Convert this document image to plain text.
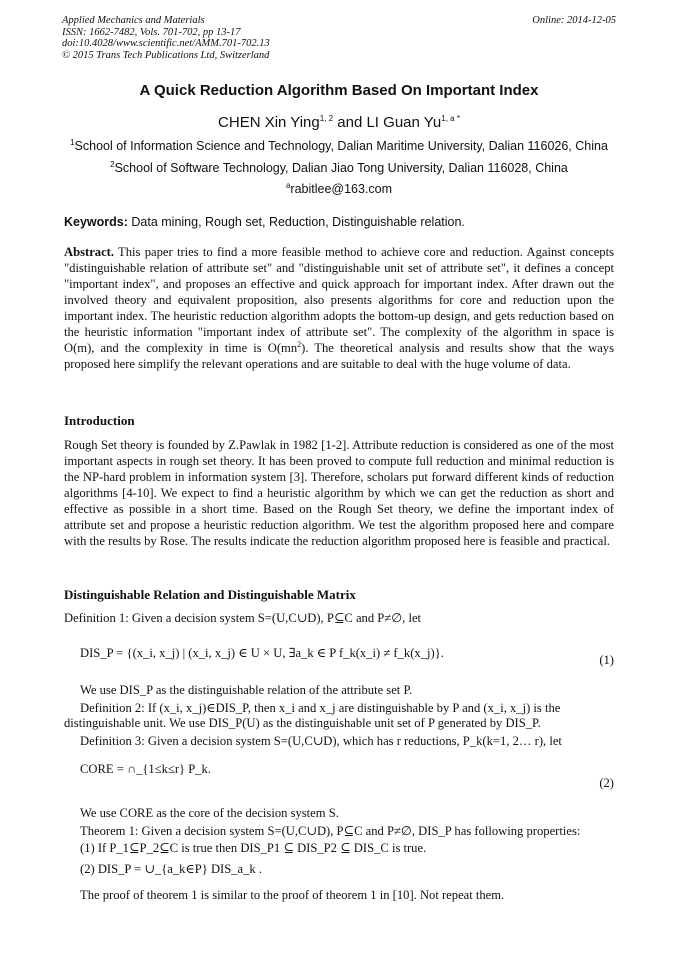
Applied Mechanics and Materials
ISSN: 1662-7482, Vols. 701-702, pp 13-17
doi:10.4028/www.scientific.net/AMM.701-702.13
© 2015 Trans Tech Publications Ltd, Switzerland
Online: 2014-12-05
A Quick Reduction Algorithm Based On Important Index
CHEN Xin Ying$^{1, 2}$ and LI Guan $Yu^{1, a *}$
$^1$School of Information Science and Technology, Dalian Maritime University, Dalian 116026, China
$^2$School of Software Technology, Dalian Jiao Tong University, Dalian 116028, China
$^a$rabitlee@163.com
Keywords: Data mining, Rough set, Reduction, Distinguishable relation.
Abstract. This paper tries to find a more feasible method to achieve core and reduction. Against concepts "distinguishable relation of attribute set" and "distinguishable unit set of attribute set", it defines a concept "important index", and proposes an effective and quick approach for important index. After drawn out the involved theory and equivalent proposition, also presents algorithms for core and reduction upon the important index. The heuristic reduction algorithm adopts the bottom-up design, and gets reduction based on the heuristic information "important index of attribute set". The complexity of the algorithm in space is O(m), and the complexity in time is $O(mn^2)$. The theoretical analysis and results show that the ways proposed here simplify the relevant operations and are suitable to deal with the huge volume of data.
Introduction
Rough Set theory is founded by Z.Pawlak in 1982 [1-2]. Attribute reduction is considered as one of the most important aspects in rough set theory. It has been proved to compute full reduction and minimal reduction is the NP-hard problem in information system [3]. Therefore, scholars put forward different kinds of reduction algorithms [4-10]. We expect to find a heuristic algorithm by which we can get the reduction as short and effective as possible in a short time. Based on the Rough Set theory, we define the important index of attribute set and propose a heuristic reduction algorithm. We test the algorithm proposed here and compare with the results by Rose. The results indicate the reduction algorithm proposed here is feasible and practical.
Distinguishable Relation and Distinguishable Matrix
Definition 1: Given a decision system S=(U,C∪D), P⊆C and P≠∅, let
DIS_P = {(x_i, x_j) | (x_i, x_j) ∈ U × U, ∃a_k ∈ P f_k(x_i) ≠ f_k(x_j)}.	(1)
We use DIS_P as the distinguishable relation of the attribute set P.
Definition 2: If (x_i, x_j)∈DIS_P, then x_i and x_j are distinguishable by P and (x_i, x_j) is the
distinguishable unit. We use DIS_P(U) as the distinguishable unit set of P generated by DIS_P.
Definition 3: Given a decision system S=(U,C∪D), which has r reductions, P_k(k=1, 2… r), let
CORE = ∩_{1≤k≤r} P_k.
(2)
We use CORE as the core of the decision system S.
Theorem 1: Given a decision system S=(U,C∪D), P⊆C and P≠∅, DIS_P has following properties:
(1) If P_1⊆P_2⊆C is true then DIS_P1 ⊆ DIS_P2 ⊆ DIS_C is true.
(2) DIS_P = ∪_{a_k∈P} DIS_a_k .
The proof of theorem 1 is similar to the proof of theorem 1 in [10]. Not repeat them.
